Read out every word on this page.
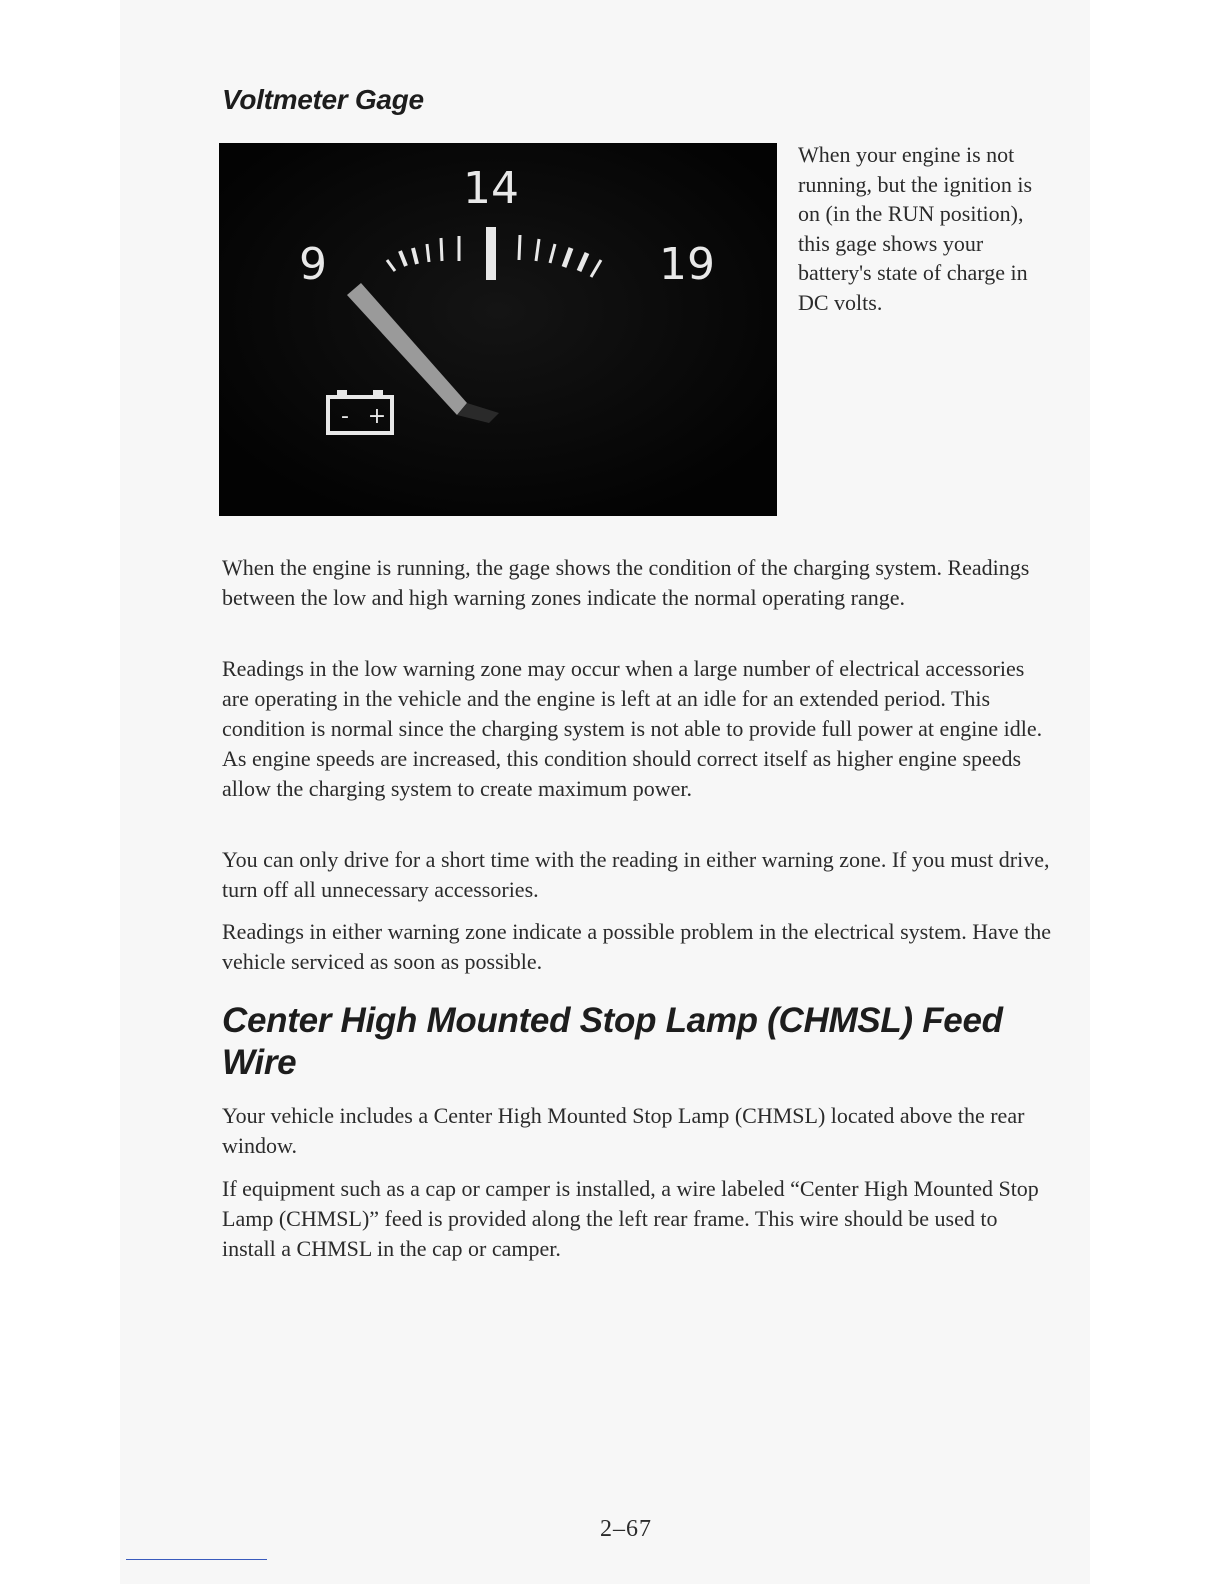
Voltmeter Gage
9
14
19
- +

When your engine is not running, but the ignition is on (in the RUN position), this gage shows your battery's state of charge in DC volts.

When the engine is running, the gage shows the condition of the charging system. Readings between the low and high warning zones indicate the normal operating range.

Readings in the low warning zone may occur when a large number of electrical accessories are operating in the vehicle and the engine is left at an idle for an extended period. This condition is normal since the charging system is not able to provide full power at engine idle. As engine speeds are increased, this condition should correct itself as higher engine speeds allow the charging system to create maximum power.

You can only drive for a short time with the reading in either warning zone. If you must drive, turn off all unnecessary accessories.

Readings in either warning zone indicate a possible problem in the electrical system. Have the vehicle serviced as soon as possible.

Center High Mounted Stop Lamp (CHMSL) Feed Wire

Your vehicle includes a Center High Mounted Stop Lamp (CHMSL) located above the rear window.

If equipment such as a cap or camper is installed, a wire labeled “Center High Mounted Stop Lamp (CHMSL)” feed is provided along the left rear frame. This wire should be used to install a CHMSL in the cap or camper.

2–67
